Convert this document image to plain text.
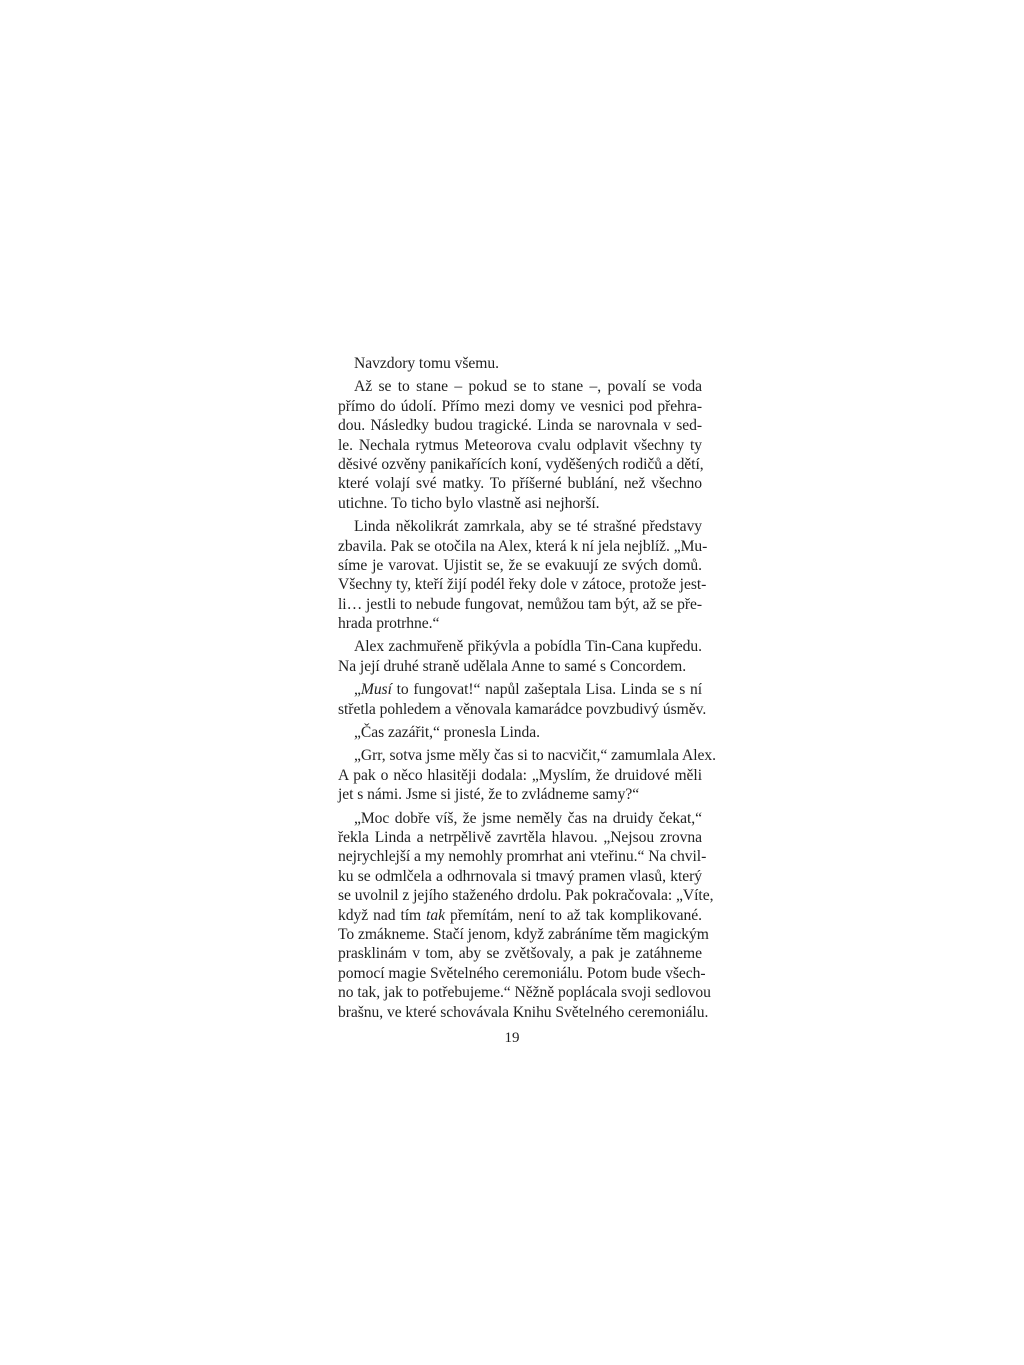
Navzdory tomu všemu.
Až se to stane – pokud se to stane –, povalí se voda
přímo do údolí. Přímo mezi domy ve vesnici pod přehra-
dou. Následky budou tragické. Linda se narovnala v sed-
le. Nechala rytmus Meteorova cvalu odplavit všechny ty
děsivé ozvěny panikařících koní, vyděšených rodičů a dětí,
které volají své matky. To příšerné bublání, než všechno
utichne. To ticho bylo vlastně asi nejhorší.
Linda několikrát zamrkala, aby se té strašné představy
zbavila. Pak se otočila na Alex, která k ní jela nejblíž. „Mu-
síme je varovat. Ujistit se, že se evakuují ze svých domů.
Všechny ty, kteří žijí podél řeky dole v zátoce, protože jest-
li… jestli to nebude fungovat, nemůžou tam být, až se pře-
hrada protrhne.“
Alex zachmuřeně přikývla a pobídla Tin-Cana kupředu.
Na její druhé straně udělala Anne to samé s Concordem.
„Musí to fungovat!“ napůl zašeptala Lisa. Linda se s ní
střetla pohledem a věnovala kamarádce povzbudivý úsměv.
„Čas zazářit,“ pronesla Linda.
„Grr, sotva jsme měly čas si to nacvičit,“ zamumlala Alex.
A pak o něco hlasitěji dodala: „Myslím, že druidové měli
jet s námi. Jsme si jisté, že to zvládneme samy?“
„Moc dobře víš, že jsme neměly čas na druidy čekat,“
řekla Linda a netrpělivě zavrtěla hlavou. „Nejsou zrovna
nejrychlejší a my nemohly promrhat ani vteřinu.“ Na chvil-
ku se odmlčela a odhrnovala si tmavý pramen vlasů, který
se uvolnil z jejího staženého drdolu. Pak pokračovala: „Víte,
když nad tím tak přemítám, není to až tak komplikované.
To zmákneme. Stačí jenom, když zabráníme těm magickým
prasklinám v tom, aby se zvětšovaly, a pak je zatáhneme
pomocí magie Světelného ceremoniálu. Potom bude všech-
no tak, jak to potřebujeme.“ Něžně poplácala svoji sedlovou
brašnu, ve které schovávala Knihu Světelného ceremoniálu.
19
